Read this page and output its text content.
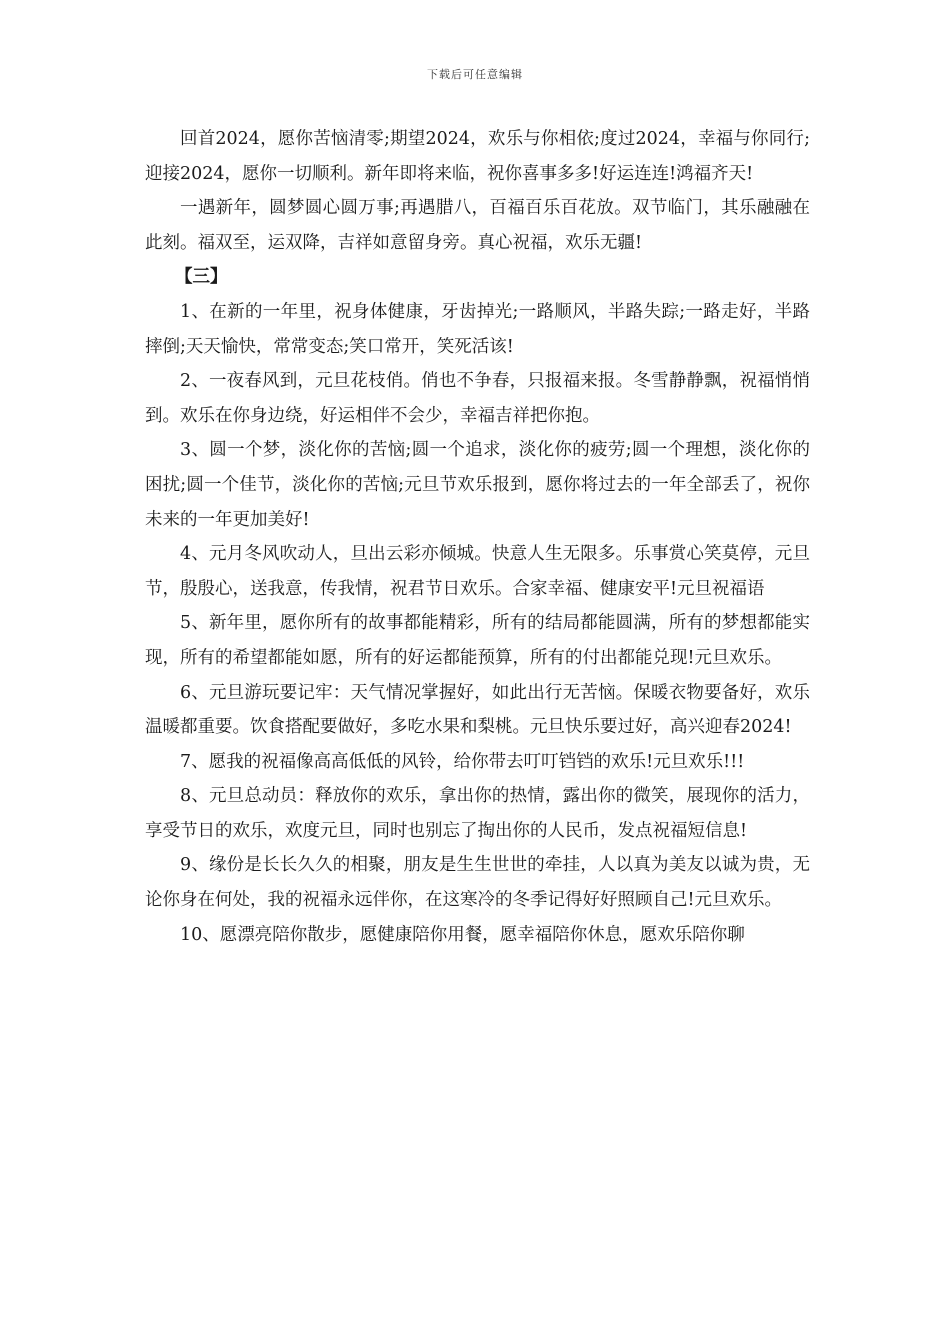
下载后可任意编辑

回首2024，愿你苦恼清零;期望2024，欢乐与你相依;度过2024，幸福与你同行;迎接2024，愿你一切顺利。新年即将来临，祝你喜事多多!好运连连!鸿福齐天!

一遇新年，圆梦圆心圆万事;再遇腊八，百福百乐百花放。双节临门，其乐融融在此刻。福双至，运双降，吉祥如意留身旁。真心祝福，欢乐无疆!

【三】

1、在新的一年里，祝身体健康，牙齿掉光;一路顺风，半路失踪;一路走好，半路摔倒;天天愉快，常常变态;笑口常开，笑死活该!

2、一夜春风到，元旦花枝俏。俏也不争春，只报福来报。冬雪静静飘，祝福悄悄到。欢乐在你身边绕，好运相伴不会少，幸福吉祥把你抱。

3、圆一个梦，淡化你的苦恼;圆一个追求，淡化你的疲劳;圆一个理想，淡化你的困扰;圆一个佳节，淡化你的苦恼;元旦节欢乐报到，愿你将过去的一年全部丢了，祝你未来的一年更加美好!

4、元月冬风吹动人，旦出云彩亦倾城。快意人生无限多。乐事赏心笑莫停，元旦节，殷殷心，送我意，传我情，祝君节日欢乐。合家幸福、健康安平!元旦祝福语

5、新年里，愿你所有的故事都能精彩，所有的结局都能圆满，所有的梦想都能实现，所有的希望都能如愿，所有的好运都能预算，所有的付出都能兑现!元旦欢乐。

6、元旦游玩要记牢：天气情况掌握好，如此出行无苦恼。保暖衣物要备好，欢乐温暖都重要。饮食搭配要做好，多吃水果和梨桃。元旦快乐要过好，高兴迎春2024!

7、愿我的祝福像高高低低的风铃，给你带去叮叮铛铛的欢乐!元旦欢乐!!!

8、元旦总动员：释放你的欢乐，拿出你的热情，露出你的微笑，展现你的活力，享受节日的欢乐，欢度元旦，同时也别忘了掏出你的人民币，发点祝福短信息!

9、缘份是长长久久的相聚，朋友是生生世世的牵挂，人以真为美友以诚为贵，无论你身在何处，我的祝福永远伴你，在这寒冷的冬季记得好好照顾自己!元旦欢乐。

10、愿漂亮陪你散步，愿健康陪你用餐，愿幸福陪你休息，愿欢乐陪你聊
